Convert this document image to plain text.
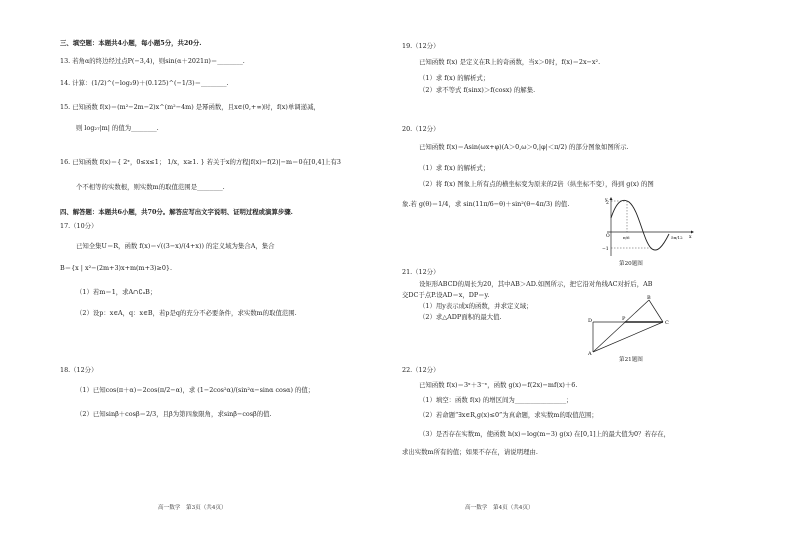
三、填空题：本题共4小题，每小题5分，共20分.
13. 若角α的终边经过点P(−3,4)，则sin(α＋2021π)＝________.
14. 计算：(1/2)^(−log₂9)＋(0.125)^(−1/3)＝________.
15. 已知函数 f(x)＝(m²−2m−2)x^(m²−4m) 是幂函数，且x∈(0,+∞)时，f(x)单调递减，
则 log₂₇|m| 的值为________.
16. 已知函数 f(x)＝{ 2ˣ，0≤x≤1； 1/x，x≥1. } 若关于x的方程|f(x)−f(2)|−m＝0在[0,4]上有3
个不相等的实数根，则实数m的取值范围是________.
四、解答题：本题共6小题，共70分。解答应写出文字说明、证明过程或演算步骤.
17.（10分）
已知全集U＝R，函数 f(x)＝√((3−x)/(4+x)) 的定义域为集合A，集合
B＝{x | x²−(2m+3)x+m(m+3)≥0}.
（1）若m＝1，求A∩∁ᵤB；
（2）设p：x∈A，q：x∈B，若p是q的充分不必要条件，求实数m的取值范围.
18.（12分）
（1）已知cos(π＋α)＝2cos(π/2−α)，求 (1−2cos²α)/(sin²α−sinα cosα) 的值；
（2）已知sinβ＋cosβ＝2/3，且β为第四象限角，求sinβ−cosβ的值.
高一数学　第3页（共4页）
19.（12分）
已知函数 f(x) 是定义在R上的奇函数，当x＞0时，f(x)＝2x−x².
（1）求 f(x) 的解析式；
（2）求不等式 f(sinx)＞f(cosx) 的解集.
20.（12分）
已知函数 f(x)＝Asin(ωx+φ)(A＞0,ω＞0,|φ|＜π/2) 的部分图象如图所示.
（1）求 f(x) 的解析式；
（2）将 f(x) 图象上所有点的横坐标变为原来的2倍（纵坐标不变），得到 g(x) 的图
象.若 g(θ)＝1/4，求 sin(11π/6−θ)＋sin²(θ−4π/3) 的值.	y
2
O
−1
π/6	5π/12 x
第20题图
21.（12分）
设矩形ABCD的周长为20，其中AB＞AD.如图所示，把它沿对角线AC对折后，AB
交DC于点P.设AD＝x，DP＝y.
（1）用y表示成x的函数，并求定义域；
（2）求△ADP面积的最大值.
B
D	P
C
A
第21题图
22.（12分）
已知函数 f(x)＝3ˣ＋3⁻ˣ，函数 g(x)＝f(2x)−mf(x)＋6.
（1）填空：函数 f(x) 的增区间为________________；
（2）若命题“∃x∈R,g(x)≤0”为真命题，求实数m的取值范围；
（3）是否存在实数m，使函数 h(x)＝log(m−3) g(x) 在[0,1]上的最大值为0？若存在，
求出实数m所有的值；如果不存在，请说明理由.
高一数学　第4页（共4页）
